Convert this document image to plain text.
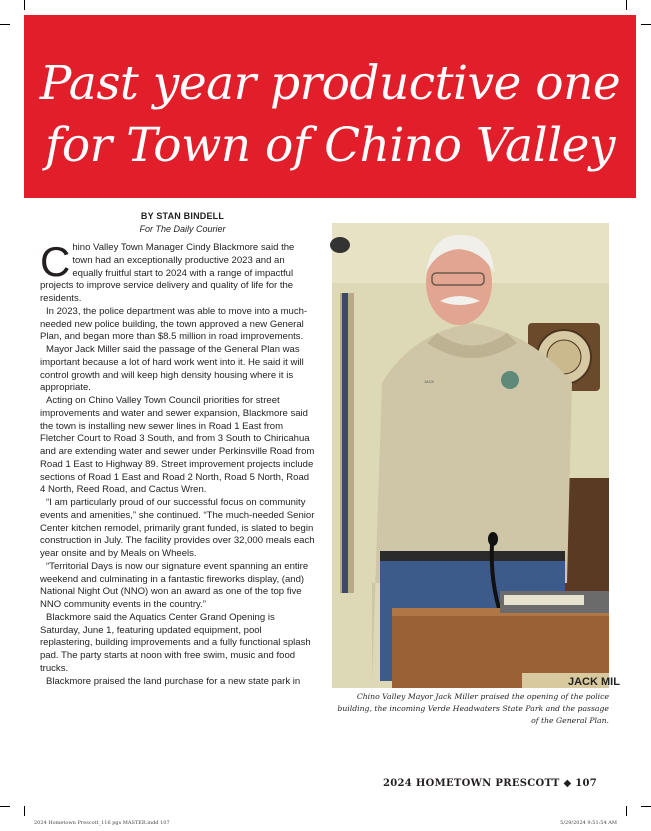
Past year productive one
for Town of Chino Valley
BY STAN BINDELL
For The Daily Courier

Chino Valley Town Manager Cindy Blackmore said the town had an exceptionally productive 2023 and an equally fruitful start to 2024 with a range of impactful projects to improve service delivery and quality of life for the residents.

In 2023, the police department was able to move into a much-needed new police building, the town approved a new General Plan, and began more than $8.5 million in road improvements.

Mayor Jack Miller said the passage of the General Plan was important because a lot of hard work went into it. He said it will control growth and will keep high density housing where it is appropriate.

Acting on Chino Valley Town Council priorities for street improvements and water and sewer expansion, Blackmore said the town is installing new sewer lines in Road 1 East from Fletcher Court to Road 3 South, and from 3 South to Chiricahua and are extending water and sewer under Perkinsville Road from Road 1 East to Highway 89. Street improvement projects include sections of Road 1 East and Road 2 North, Road 5 North, Road 4 North, Reed Road, and Cactus Wren.

“I am particularly proud of our successful focus on community events and amenities,” she continued. “The much-needed Senior Center kitchen remodel, primarily grant funded, is slated to begin construction in July. The facility provides over 32,000 meals each year onsite and by Meals on Wheels.

“Territorial Days is now our signature event spanning an entire weekend and culminating in a fantastic fireworks display, (and) National Night Out (NNO) won an award as one of the top five NNO community events in the country.”

Blackmore said the Aquatics Center Grand Opening is Saturday, June 1, featuring updated equipment, pool replastering, building improvements and a fully functional splash pad. The party starts at noon with free swim, music and food trucks.

Blackmore praised the land purchase for a new state park in

JACK
JACK MIL
Chino Valley Mayor Jack Miller praised the opening of the police building, the incoming Verde Headwaters State Park and the passage of the General Plan.
2024 HOMETOWN PRESCOTT ◆ 107
2024 Hometown Prescott_116 pgs MASTER.indd 107	5/29/2024 9:51:54 AM
